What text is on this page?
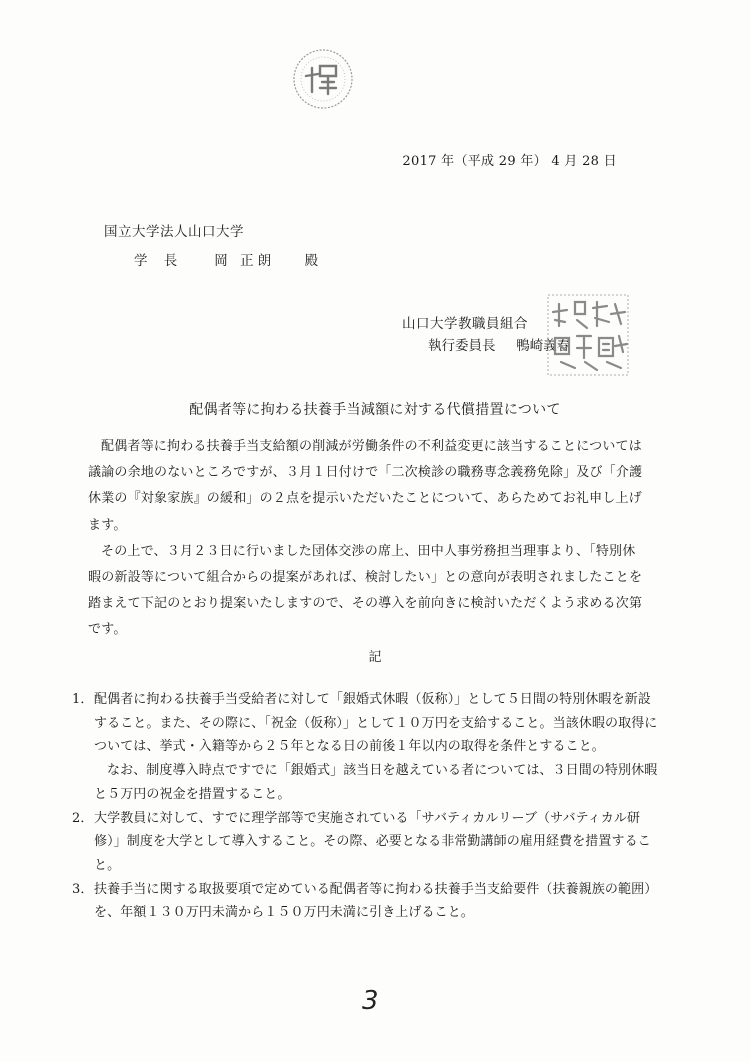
2017 年（平成 29 年） 4 月 28 日
国立大学法人山口大学
学 長 岡 正朗 殿
山口大学教職員組合
執行委員長 鴨崎義春
配偶者等に拘わる扶養手当減額に対する代償措置について

配偶者等に拘わる扶養手当支給額の削減が労働条件の不利益変更に該当することについては議論の余地のないところですが、３月１日付けで「二次検診の職務専念義務免除」及び「介護休業の『対象家族』の緩和」の２点を提示いただいたことについて、あらためてお礼申し上げます。

その上で、３月２３日に行いました団体交渉の席上、田中人事労務担当理事より、「特別休暇の新設等について組合からの提案があれば、検討したい」との意向が表明されましたことを踏まえて下記のとおり提案いたしますので、その導入を前向きに検討いただくよう求める次第です。

記
1． 配偶者に拘わる扶養手当受給者に対して「銀婚式休暇（仮称）」として５日間の特別休暇を新設すること。また、その際に、「祝金（仮称）」として１０万円を支給すること。当該休暇の取得については、挙式・入籍等から２５年となる日の前後１年以内の取得を条件とすること。

なお、制度導入時点ですでに「銀婚式」該当日を越えている者については、３日間の特別休暇と５万円の祝金を措置すること。

2． 大学教員に対して、すでに理学部等で実施されている「サバティカルリーブ（サバティカル研修）」制度を大学として導入すること。その際、必要となる非常勤講師の雇用経費を措置すること。

3． 扶養手当に関する取扱要項で定めている配偶者等に拘わる扶養手当支給要件（扶養親族の範囲）を、年額１３０万円未満から１５０万円未満に引き上げること。

3
